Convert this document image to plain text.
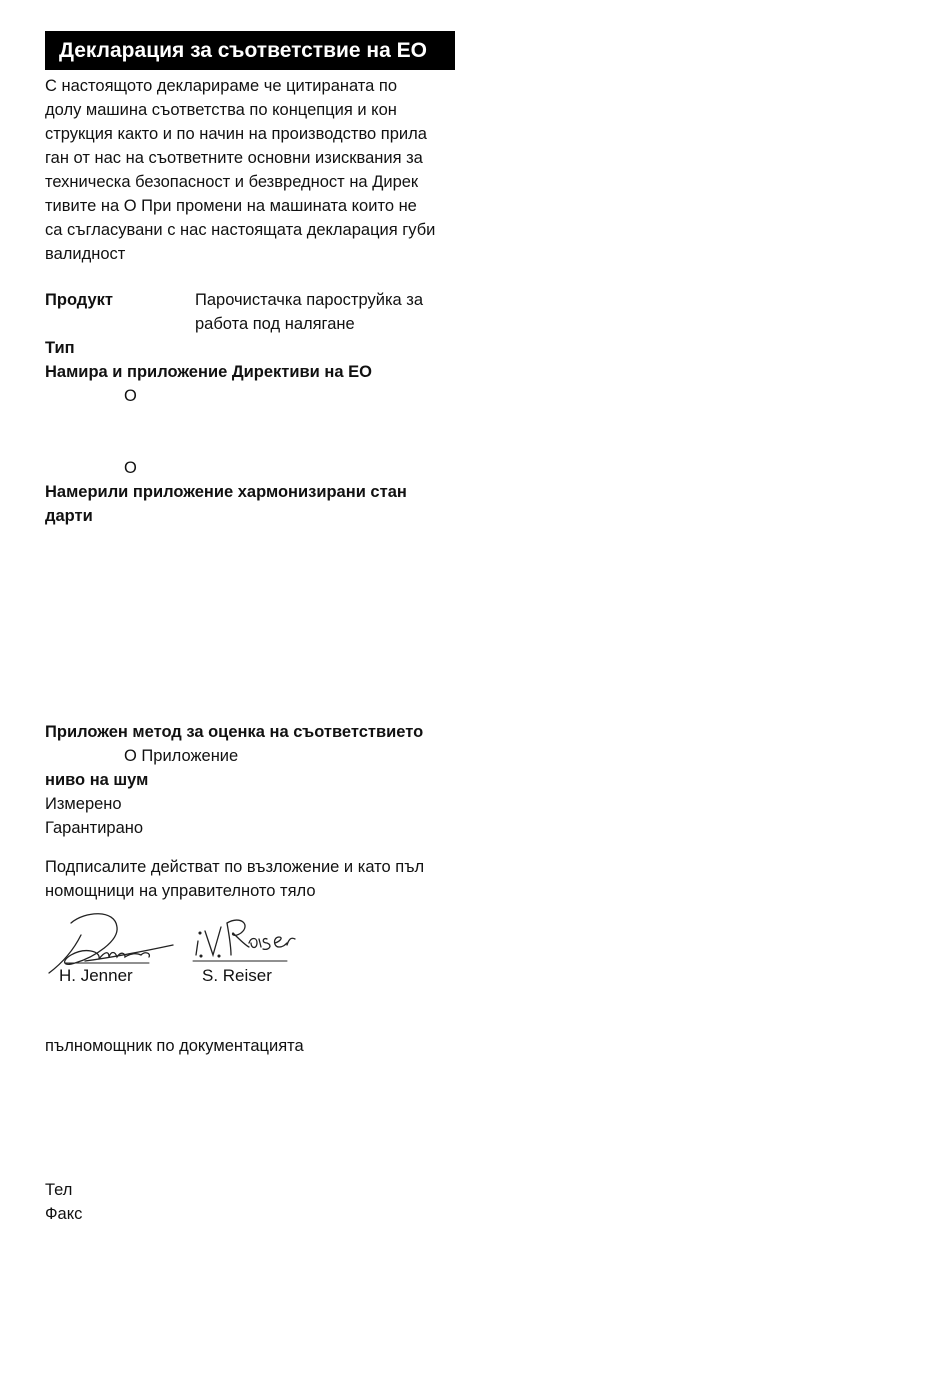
Декларация за съответствие на ЕО
С настоящото декларираме че цитираната по
долу машина съответства по концепция и кон
струкция както и по начин на производство прила
ган от нас на съответните основни изисквания за
техническа безопасност и безвредност на Дирек
тивите на О При промени на машината които не
са съгласувани с нас настоящата декларация губи
валидност
Продукт	Парочистачка пароструйка за
работа под налягане
Тип
Намира и приложение Директиви на ЕО
О
О
Намерили приложение хармонизирани стан
дарти
Приложен метод за оценка на съответствието
О Приложение
ниво на шум
Измерено
Гарантирано
Подписалите действат по възложение и като пъл
номощници на управителното тяло
H. Jenner	S. Reiser
пълномощник по документацията
Тел
Факс
